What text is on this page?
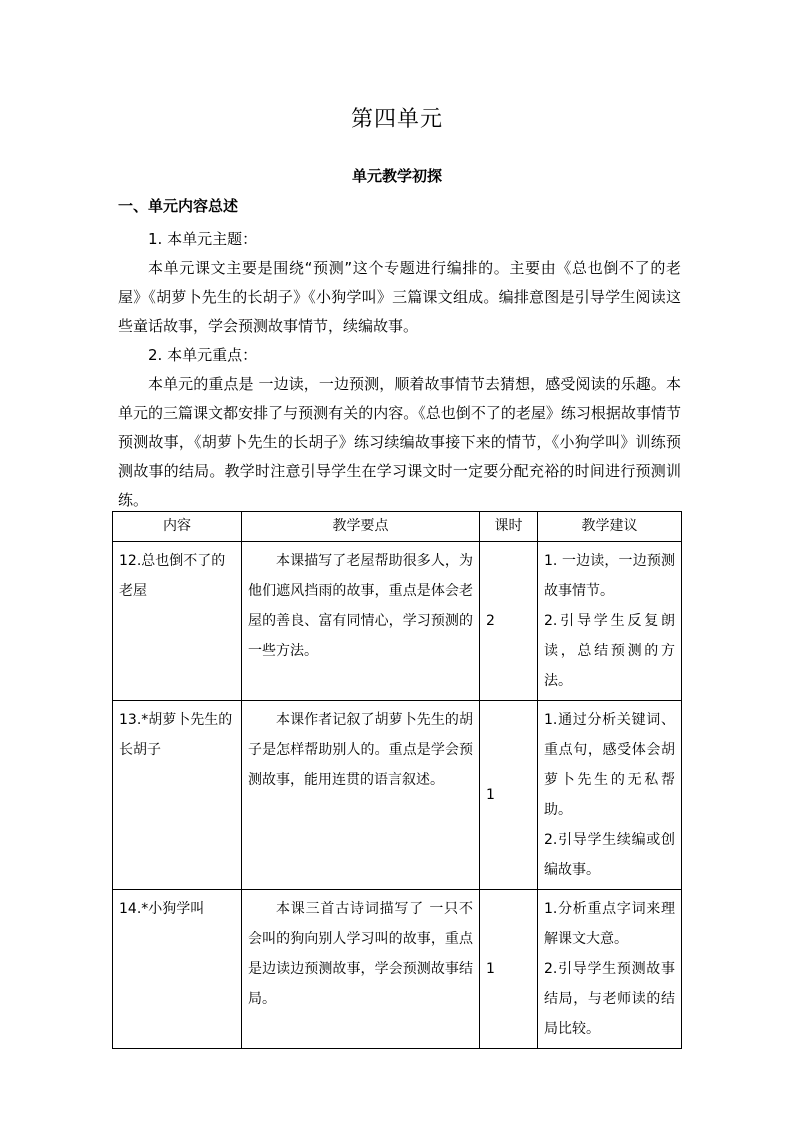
第四单元
单元教学初探
一、单元内容总述

1. 本单元主题：

本单元课文主要是围绕“预测”这个专题进行编排的。主要由《总也倒不了的老屋》《胡萝卜先生的长胡子》《小狗学叫》三篇课文组成。编排意图是引导学生阅读这些童话故事，学会预测故事情节，续编故事。

2. 本单元重点：

本单元的重点是 一边读，一边预测，顺着故事情节去猜想，感受阅读的乐趣。本单元的三篇课文都安排了与预测有关的内容。《总也倒不了的老屋》练习根据故事情节预测故事，《胡萝卜先生的长胡子》练习续编故事接下来的情节，《小狗学叫》训练预测故事的结局。教学时注意引导学生在学习课文时一定要分配充裕的时间进行预测训练。

内容	教学要点	课时	教学建议
12.总也倒不了的老屋	本课描写了老屋帮助很多人，为他们遮风挡雨的故事，重点是体会老屋的善良、富有同情心，学习预测的一些方法。	2	1. 一边读，一边预测故事情节。
2.引导学生反复朗读，总结预测的方法。

13.*胡萝卜先生的长胡子	本课作者记叙了胡萝卜先生的胡子是怎样帮助别人的。重点是学会预测故事，能用连贯的语言叙述。	1	1.通过分析关键词、重点句，感受体会胡萝卜先生的无私帮助。
2.引导学生续编或创编故事。

14.*小狗学叫	本课三首古诗词描写了 一只不会叫的狗向别人学习叫的故事，重点是边读边预测故事，学会预测故事结局。	1	1.分析重点字词来理解课文大意。
2.引导学生预测故事结局，与老师读的结局比较。
